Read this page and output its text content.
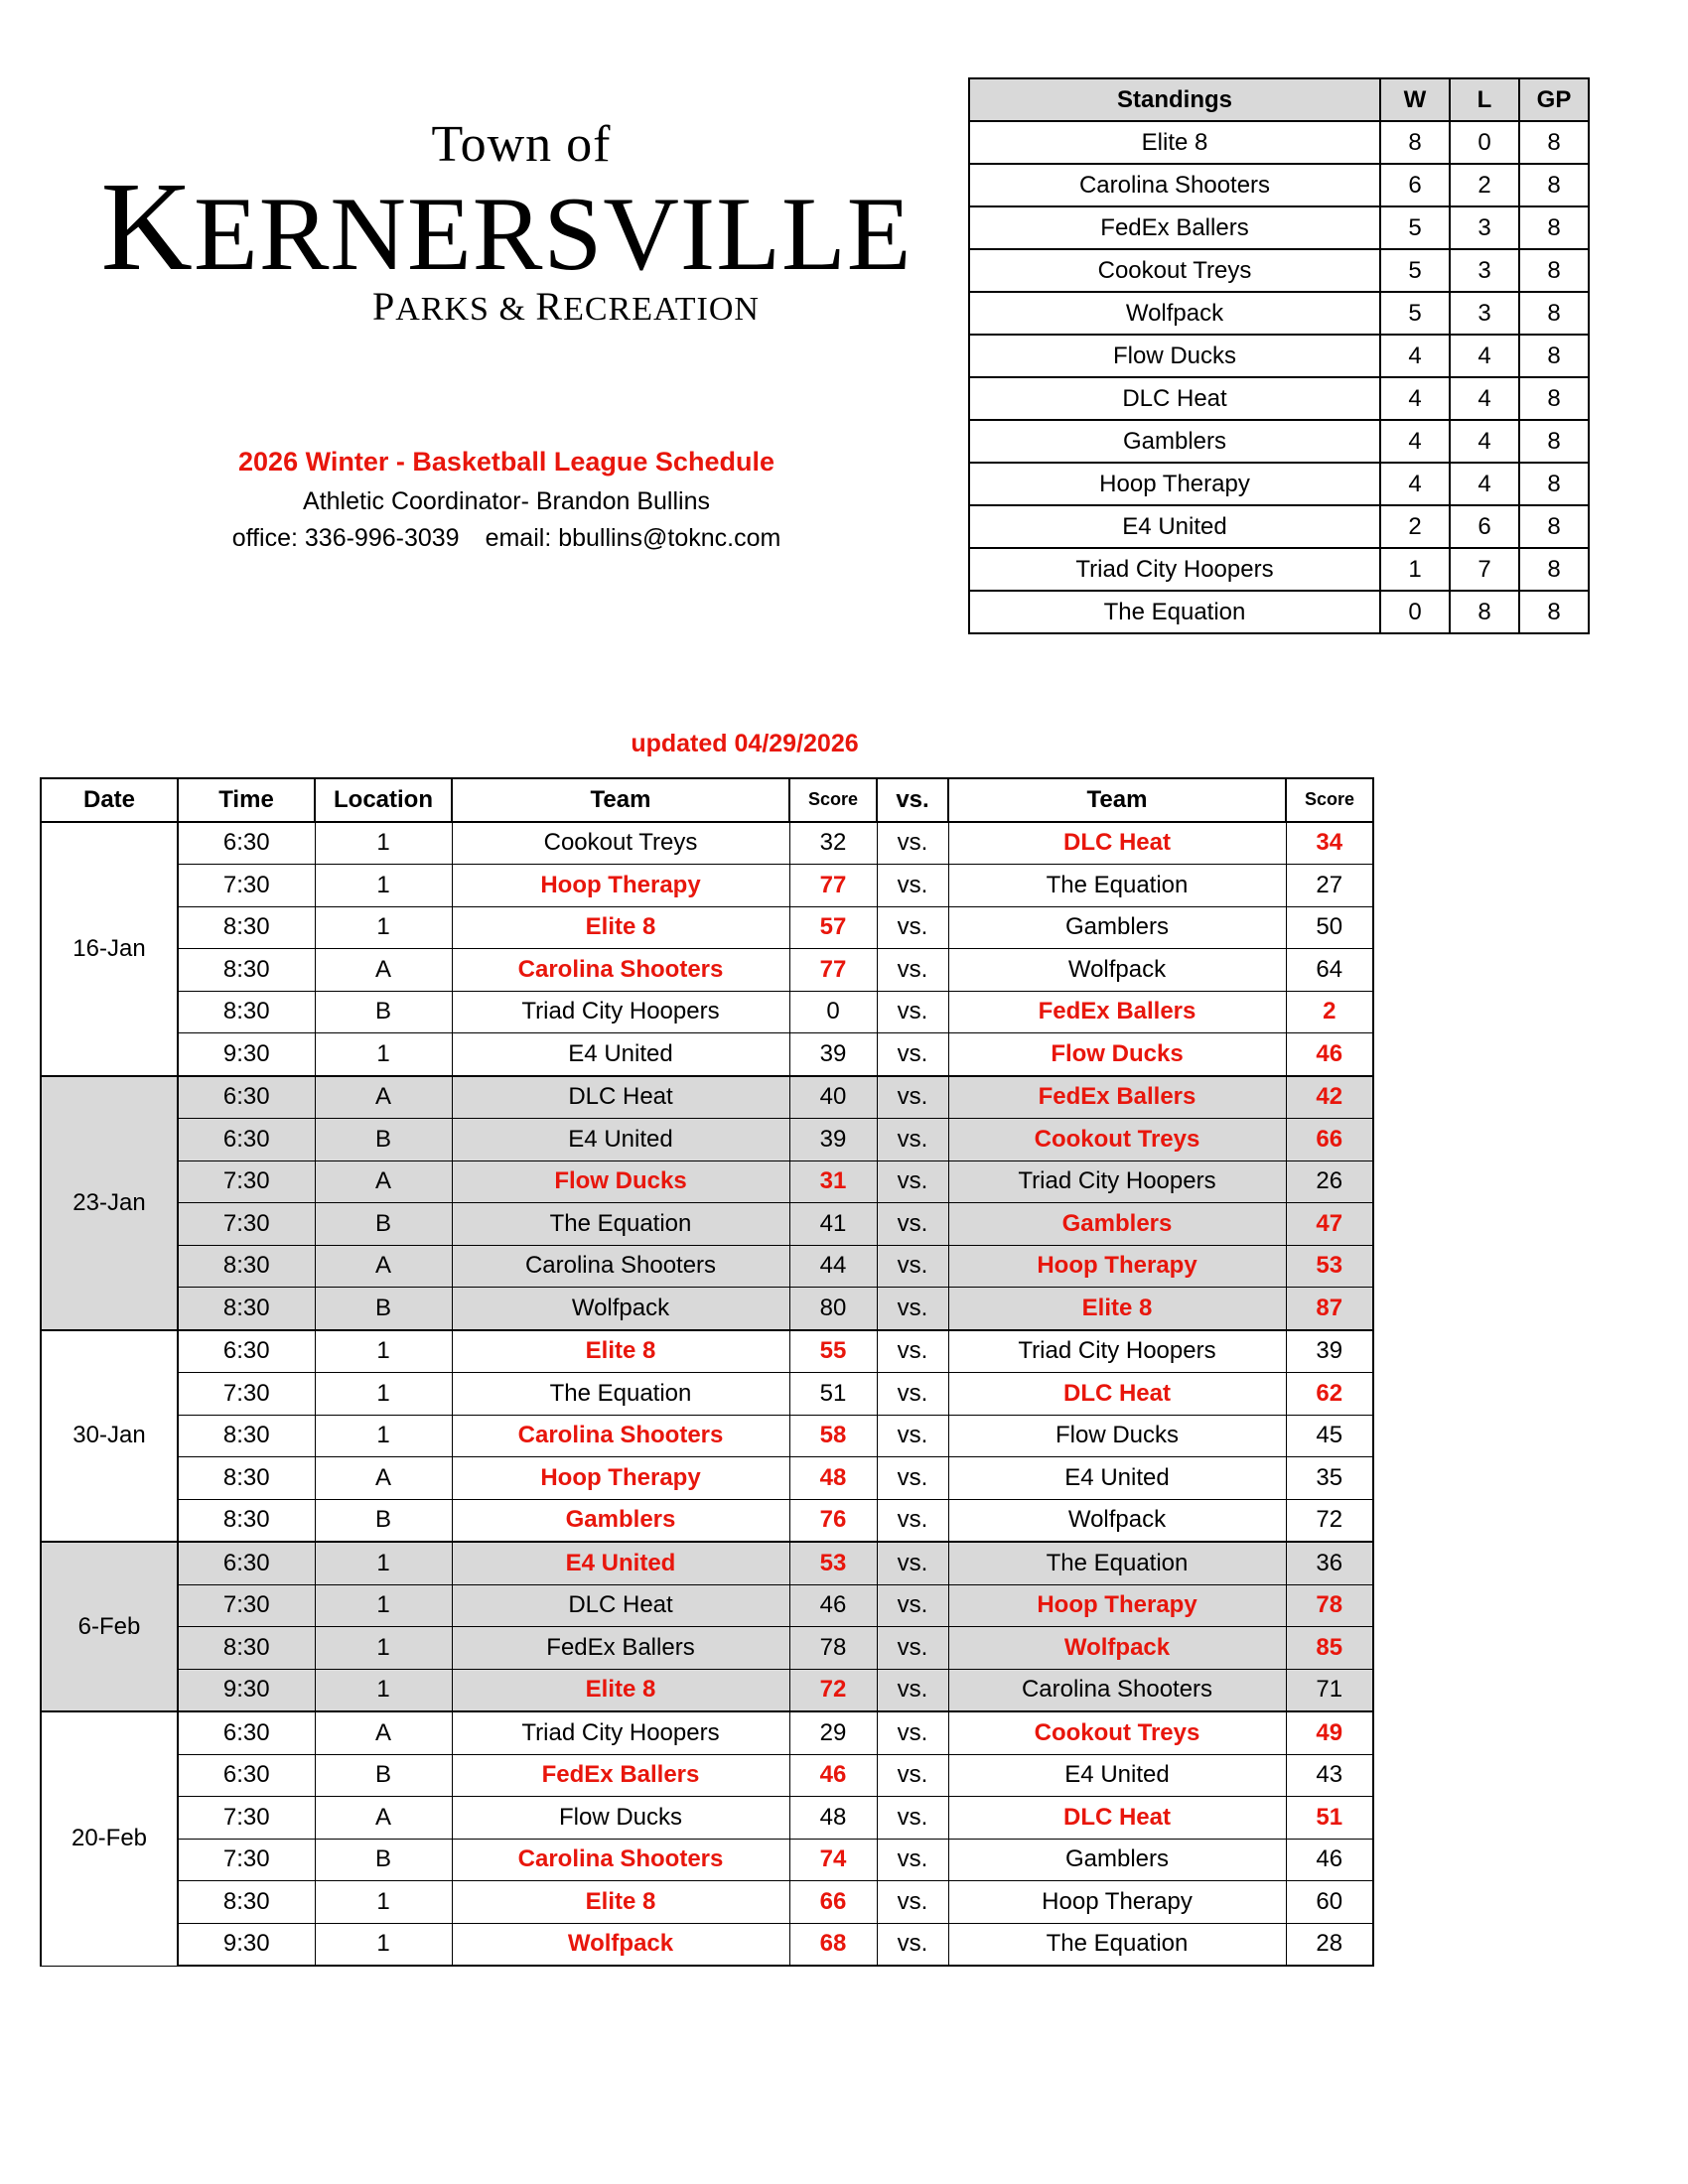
Town of
KERNERSVILLE
PARKS & RECREATION
2026 Winter - Basketball League Schedule
Athletic Coordinator- Brandon Bullins
office: 336-996-3039 email: bbullins@toknc.com
Standings	W	L	GP
Elite 8	8	0	8
Carolina Shooters	6	2	8
FedEx Ballers	5	3	8
Cookout Treys	5	3	8
Wolfpack	5	3	8
Flow Ducks	4	4	8
DLC Heat	4	4	8
Gamblers	4	4	8
Hoop Therapy	4	4	8
E4 United	2	6	8
Triad City Hoopers	1	7	8
The Equation	0	8	8
updated 04/29/2026
Date	Time	Location	Team	Score	vs.	Team	Score
16-Jan	6:30	1	Cookout Treys	32	vs.	DLC Heat	34
	7:30	1	Hoop Therapy	77	vs.	The Equation	27
	8:30	1	Elite 8	57	vs.	Gamblers	50
	8:30	A	Carolina Shooters	77	vs.	Wolfpack	64
	8:30	B	Triad City Hoopers	0	vs.	FedEx Ballers	2
	9:30	1	E4 United	39	vs.	Flow Ducks	46
23-Jan	6:30	A	DLC Heat	40	vs.	FedEx Ballers	42
	6:30	B	E4 United	39	vs.	Cookout Treys	66
	7:30	A	Flow Ducks	31	vs.	Triad City Hoopers	26
	7:30	B	The Equation	41	vs.	Gamblers	47
	8:30	A	Carolina Shooters	44	vs.	Hoop Therapy	53
	8:30	B	Wolfpack	80	vs.	Elite 8	87
30-Jan	6:30	1	Elite 8	55	vs.	Triad City Hoopers	39
	7:30	1	The Equation	51	vs.	DLC Heat	62
	8:30	1	Carolina Shooters	58	vs.	Flow Ducks	45
	8:30	A	Hoop Therapy	48	vs.	E4 United	35
	8:30	B	Gamblers	76	vs.	Wolfpack	72
6-Feb	6:30	1	E4 United	53	vs.	The Equation	36
	7:30	1	DLC Heat	46	vs.	Hoop Therapy	78
	8:30	1	FedEx Ballers	78	vs.	Wolfpack	85
	9:30	1	Elite 8	72	vs.	Carolina Shooters	71
20-Feb	6:30	A	Triad City Hoopers	29	vs.	Cookout Treys	49
	6:30	B	FedEx Ballers	46	vs.	E4 United	43
	7:30	A	Flow Ducks	48	vs.	DLC Heat	51
	7:30	B	Carolina Shooters	74	vs.	Gamblers	46
	8:30	1	Elite 8	66	vs.	Hoop Therapy	60
	9:30	1	Wolfpack	68	vs.	The Equation	28
